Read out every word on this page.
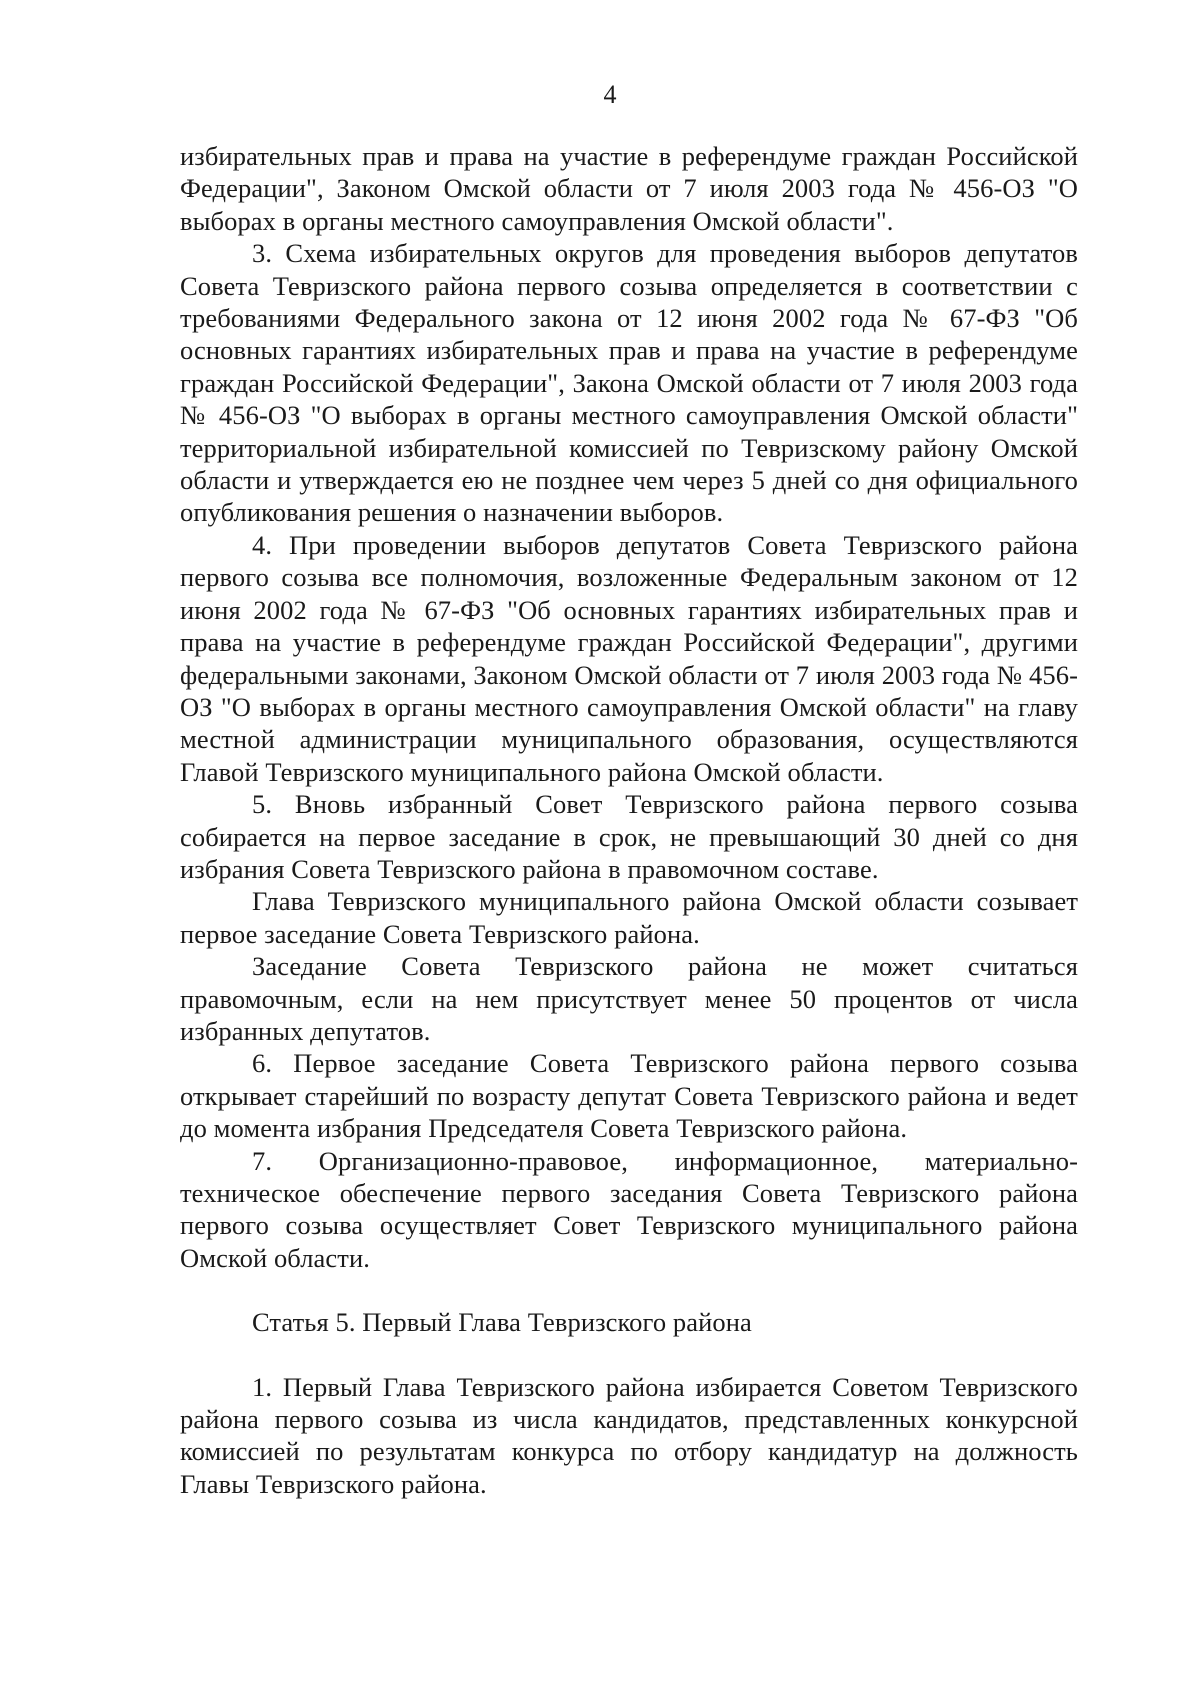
4

избирательных прав и права на участие в референдуме граждан Российской Федерации", Законом Омской области от 7 июля 2003 года № 456-ОЗ "О выборах в органы местного самоуправления Омской области".

3. Схема избирательных округов для проведения выборов депутатов Совета Тевризского района первого созыва определяется в соответствии с требованиями Федерального закона от 12 июня 2002 года № 67-ФЗ "Об основных гарантиях избирательных прав и права на участие в референдуме граждан Российской Федерации", Закона Омской области от 7 июля 2003 года № 456-ОЗ "О выборах в органы местного самоуправления Омской области" территориальной избирательной комиссией по Тевризскому району Омской области и утверждается ею не позднее чем через 5 дней со дня официального опубликования решения о назначении выборов.

4. При проведении выборов депутатов Совета Тевризского района первого созыва все полномочия, возложенные Федеральным законом от 12 июня 2002 года № 67-ФЗ "Об основных гарантиях избирательных прав и права на участие в референдуме граждан Российской Федерации", другими федеральными законами, Законом Омской области от 7 июля 2003 года № 456-ОЗ "О выборах в органы местного самоуправления Омской области" на главу местной администрации муниципального образования, осуществляются Главой Тевризского муниципального района Омской области.

5. Вновь избранный Совет Тевризского района первого созыва собирается на первое заседание в срок, не превышающий 30 дней со дня избрания Совета Тевризского района в правомочном составе.

Глава Тевризского муниципального района Омской области созывает первое заседание Совета Тевризского района.

Заседание Совета Тевризского района не может считаться правомочным, если на нем присутствует менее 50 процентов от числа избранных депутатов.

6. Первое заседание Совета Тевризского района первого созыва открывает старейший по возрасту депутат Совета Тевризского района и ведет до момента избрания Председателя Совета Тевризского района.

7. Организационно-правовое, информационное, материально-техническое обеспечение первого заседания Совета Тевризского района первого созыва осуществляет Совет Тевризского муниципального района Омской области.

Статья 5. Первый Глава Тевризского района

1. Первый Глава Тевризского района избирается Советом Тевризского района первого созыва из числа кандидатов, представленных конкурсной комиссией по результатам конкурса по отбору кандидатур на должность Главы Тевризского района.
